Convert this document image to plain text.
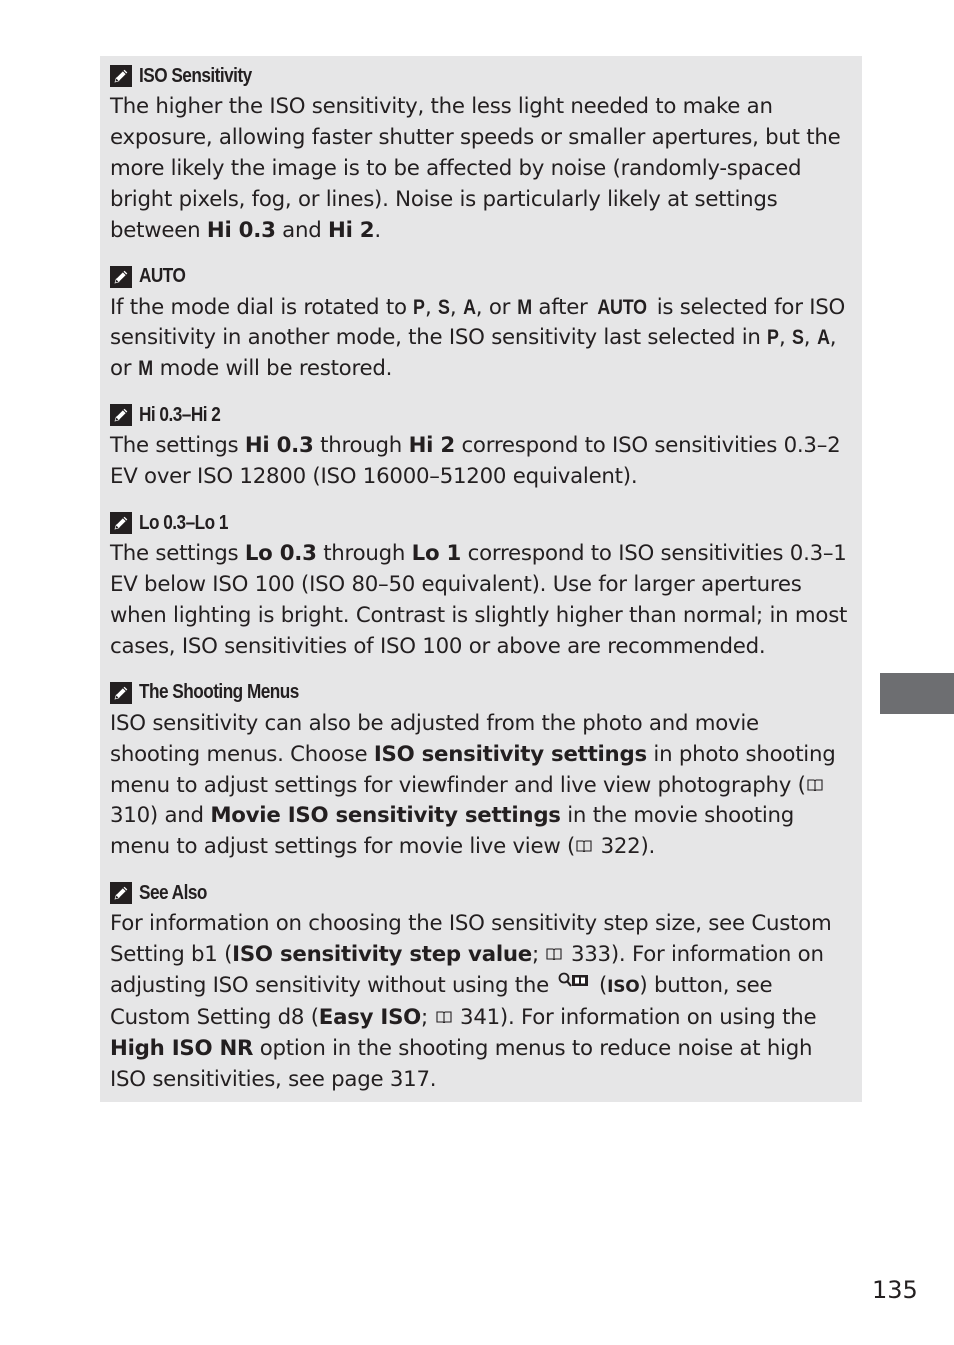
ISO Sensitivity

The higher the ISO sensitivity, the less light needed to make an exposure, allowing faster shutter speeds or smaller apertures, but the more likely the image is to be affected by noise (randomly-spaced bright pixels, fog, or lines). Noise is particularly likely at settings between Hi 0.3 and Hi 2.

AUTO

If the mode dial is rotated to P, S, A, or M after AUTO is selected for ISO sensitivity in another mode, the ISO sensitivity last selected in P, S, A, or M mode will be restored.

Hi 0.3–Hi 2

The settings Hi 0.3 through Hi 2 correspond to ISO sensitivities 0.3–2 EV over ISO 12800 (ISO 16000–51200 equivalent).

Lo 0.3–Lo 1

The settings Lo 0.3 through Lo 1 correspond to ISO sensitivities 0.3–1 EV below ISO 100 (ISO 80–50 equivalent). Use for larger apertures when lighting is bright. Contrast is slightly higher than normal; in most cases, ISO sensitivities of ISO 100 or above are recommended.

The Shooting Menus

ISO sensitivity can also be adjusted from the photo and movie shooting menus. Choose ISO sensitivity settings in photo shooting menu to adjust settings for viewfinder and live view photography ( 310) and Movie ISO sensitivity settings in the movie shooting menu to adjust settings for movie live view ( 322).

See Also

For information on choosing the ISO sensitivity step size, see Custom Setting b1 (ISO sensitivity step value;  333). For information on adjusting ISO sensitivity without using the  (ISO) button, see Custom Setting d8 (Easy ISO;  341). For information on using the High ISO NR option in the shooting menus to reduce noise at high ISO sensitivities, see page 317.

135
